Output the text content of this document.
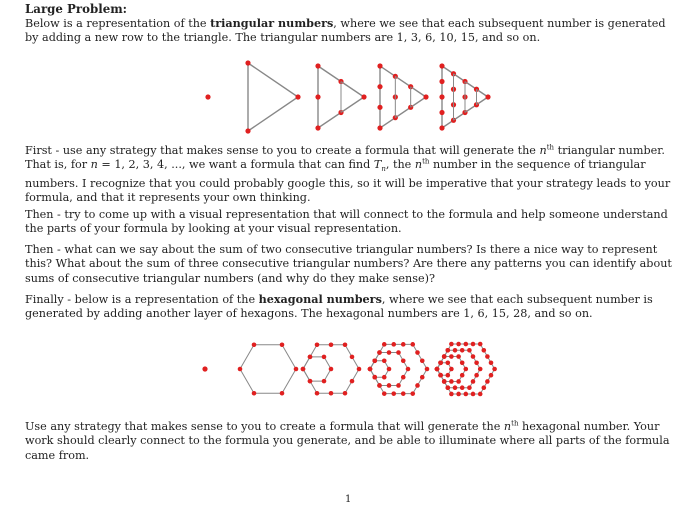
Large Problem:
Below is a representation of the triangular numbers, where we see that each subsequent number is generated by adding a new row to the triangle. The triangular numbers are 1, 3, 6, 10, 15, and so on.
First - use any strategy that makes sense to you to create a formula that will generate the $n^{th}$ triangular number. That is, for n = 1, 2, 3, 4, ..., we want a formula that can find $T_n$, the $n^{th}$ number in the sequence of triangular numbers. I recognize that you could probably google this, so it will be imperative that your strategy leads to your formula, and that it represents your own thinking.
Then - try to come up with a visual representation that will connect to the formula and help someone understand the parts of your formula by looking at your visual representation.
Then - what can we say about the sum of two consecutive triangular numbers? Is there a nice way to represent this? What about the sum of three consecutive triangular numbers? Are there any patterns you can identify about sums of consecutive triangular numbers (and why do they make sense)?
Finally - below is a representation of the hexagonal numbers, where we see that each subsequent number is generated by adding another layer of hexagons. The hexagonal numbers are 1, 6, 15, 28, and so on.
Use any strategy that makes sense to you to create a formula that will generate the $n^{th}$ hexagonal number. Your work should clearly connect to the formula you generate, and be able to illuminate where all parts of the formula came from.
1
